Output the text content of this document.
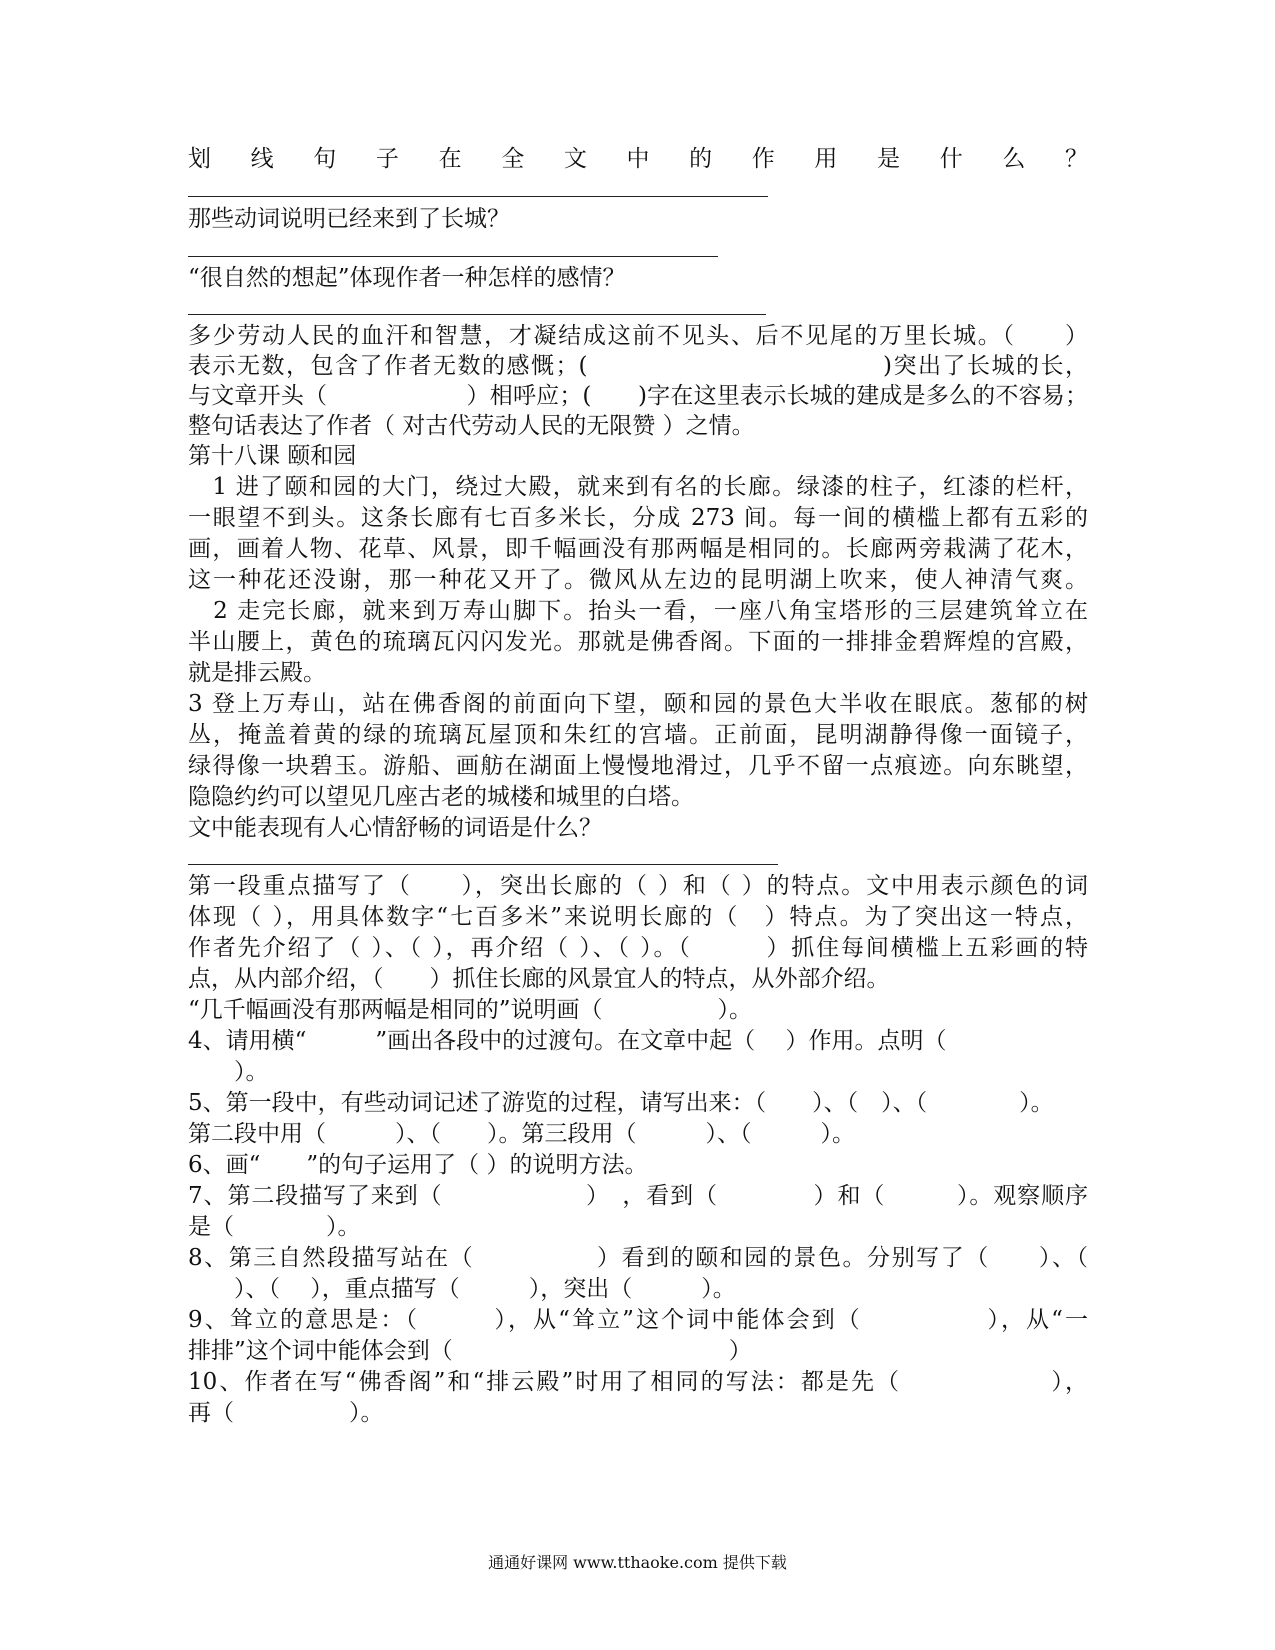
划 线 句 子 在 全 文 中 的 作 用 是 什 么 ？
那些动词说明已经来到了长城？
“很自然的想起”体现作者一种怎样的感情？
多少劳动人民的血汗和智慧，才凝结成这前不见头、后不见尾的万里长城。（　　）
表示无数，包含了作者无数的感慨；(　　　　　　　　　　　　)突出了长城的长，
与文章开头（　　　　　　）相呼应；(　　)字在这里表示长城的建成是多么的不容易；
整句话表达了作者（ 对古代劳动人民的无限赞 ）之情。
第十八课 颐和园
　1 进了颐和园的大门，绕过大殿，就来到有名的长廊。绿漆的柱子，红漆的栏杆，
一眼望不到头。这条长廊有七百多米长，分成 273 间。每一间的横槛上都有五彩的
画，画着人物、花草、风景，即千幅画没有那两幅是相同的。长廊两旁栽满了花木，
这一种花还没谢，那一种花又开了。微风从左边的昆明湖上吹来，使人神清气爽。
　2 走完长廊，就来到万寿山脚下。抬头一看，一座八角宝塔形的三层建筑耸立在
半山腰上，黄色的琉璃瓦闪闪发光。那就是佛香阁。下面的一排排金碧辉煌的宫殿，
就是排云殿。
3 登上万寿山，站在佛香阁的前面向下望，颐和园的景色大半收在眼底。葱郁的树
丛，掩盖着黄的绿的琉璃瓦屋顶和朱红的宫墙。正前面，昆明湖静得像一面镜子，
绿得像一块碧玉。游船、画舫在湖面上慢慢地滑过，几乎不留一点痕迹。向东眺望，
隐隐约约可以望见几座古老的城楼和城里的白塔。
文中能表现有人心情舒畅的词语是什么？
第一段重点描写了（　　），突出长廊的（ ）和（ ）的特点。文中用表示颜色的词
体现（ ），用具体数字“七百多米”来说明长廊的（　）特点。为了突出这一特点，
作者先介绍了（ ）、（ ），再介绍（ ）、（ ）。（　　　）抓住每间横槛上五彩画的特
点，从内部介绍，（　　）抓住长廊的风景宜人的特点，从外部介绍。
“几千幅画没有那两幅是相同的”说明画（　　　　　）。
4、请用横“　　　”画出各段中的过渡句。在文章中起（　 ）作用。点明（
　　）。
5、第一段中，有些动词记述了游览的过程，请写出来：（　　）、（　）、（　　　　）。
第二段中用（　　　）、（　　）。第三段用（　　　）、（　　　）。
6、画“　　”的句子运用了（ ）的说明方法。
7、第二段描写了来到（　　　　　　）　，看到（　　　　）和（　　　）。观察顺序
是（　　　　）。
8、第三自然段描写站在（　　　　　）看到的颐和园的景色。分别写了（　　）、（
　　）、（　 ），重点描写（　　　），突出（　　　）。
9、耸立的意思是：（　　　），从“耸立”这个词中能体会到（　　　　　），从“一
排排”这个词中能体会到（　　　　　　　　　　　　）
10、作者在写“佛香阁”和“排云殿”时用了相同的写法：都是先（　　　　　　），
再（　　　　　）。
通通好课网 www.tthaoke.com 提供下载
